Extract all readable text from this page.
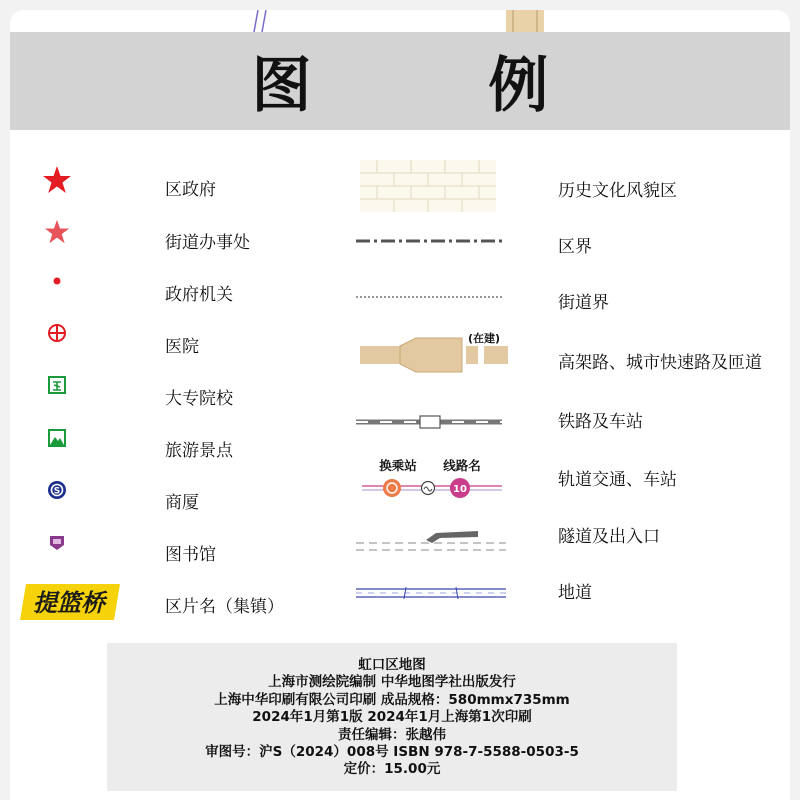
图 例
S
提篮桥
区政府
街道办事处
政府机关
医院
大专院校
旅游景点
商厦
图书馆
区片名（集镇）
(在建)
10
换乘站 线路名
历史文化风貌区
区界
街道界
高架路、城市快速路及匝道
铁路及车站
轨道交通、车站
隧道及出入口
地道
虹口区地图
上海市测绘院编制 中华地图学社出版发行
上海中华印刷有限公司印刷 成品规格：580mmx735mm
2024年1月第1版 2024年1月上海第1次印刷
责任编辑：张越伟
审图号：沪S（2024）008号 ISBN 978-7-5588-0503-5
定价：15.00元
